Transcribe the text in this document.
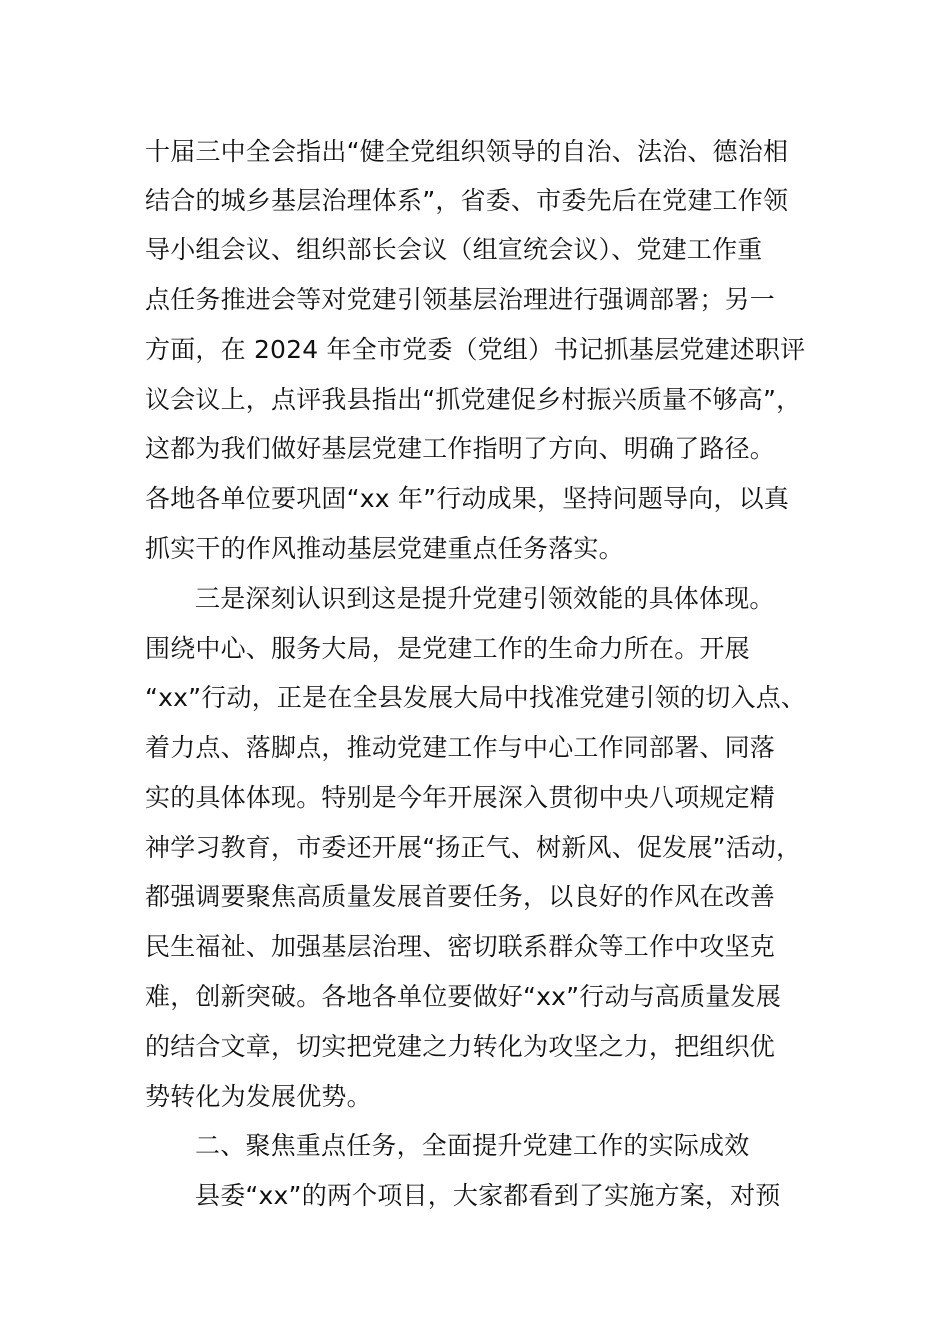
十届三中全会指出“健全党组织领导的自治、法治、德治相
结合的城乡基层治理体系”，省委、市委先后在党建工作领
导小组会议、组织部长会议（组宣统会议）、党建工作重
点任务推进会等对党建引领基层治理进行强调部署；另一
方面，在 2024 年全市党委（党组）书记抓基层党建述职评
议会议上，点评我县指出“抓党建促乡村振兴质量不够高”，
这都为我们做好基层党建工作指明了方向、明确了路径。
各地各单位要巩固“xx 年”行动成果，坚持问题导向，以真
抓实干的作风推动基层党建重点任务落实。
三是深刻认识到这是提升党建引领效能的具体体现。
围绕中心、服务大局，是党建工作的生命力所在。开展
“xx”行动，正是在全县发展大局中找准党建引领的切入点、
着力点、落脚点，推动党建工作与中心工作同部署、同落
实的具体体现。特别是今年开展深入贯彻中央八项规定精
神学习教育，市委还开展“扬正气、树新风、促发展”活动，
都强调要聚焦高质量发展首要任务，以良好的作风在改善
民生福祉、加强基层治理、密切联系群众等工作中攻坚克
难，创新突破。各地各单位要做好“xx”行动与高质量发展
的结合文章，切实把党建之力转化为攻坚之力，把组织优
势转化为发展优势。
二、聚焦重点任务，全面提升党建工作的实际成效
县委“xx”的两个项目，大家都看到了实施方案，对预
